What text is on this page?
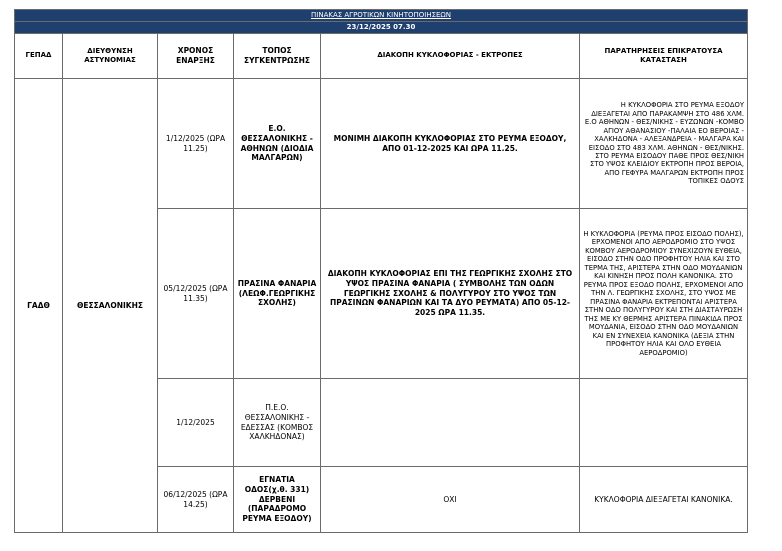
ΠΙΝΑΚΑΣ ΑΓΡΟΤΙΚΩΝ ΚΙΝΗΤΟΠΟΙΗΣΕΩΝ					
23/12/2025 07.30					
ΓΕΠΑΔ	ΔΙΕΥΘΥΝΣΗ ΑΣΤΥΝΟΜΙΑΣ	ΧΡΟΝΟΣ ΕΝΑΡΞΗΣ	ΤΟΠΟΣ ΣΥΓΚΕΝΤΡΩΣΗΣ	ΔΙΑΚΟΠΗ ΚΥΚΛΟΦΟΡΙΑΣ - ΕΚΤΡΟΠΕΣ	ΠΑΡΑΤΗΡΗΣΕΙΣ ΕΠΙΚΡΑΤΟΥΣΑ ΚΑΤΑΣΤΑΣΗ
ΓΑΔΘ	ΘΕΣΣΑΛΟΝΙΚΗΣ	1/12/2025 (ΩΡΑ 11.25)	Ε.Ο. ΘΕΣΣΑΛΟΝΙΚΗΣ - ΑΘΗΝΩΝ (ΔΙΟΔΙΑ ΜΑΛΓΑΡΩΝ)	ΜΟΝΙΜΗ ΔΙΑΚΟΠΗ ΚΥΚΛΟΦΟΡΙΑΣ ΣΤΟ ΡΕΥΜΑ ΕΞΟΔΟΥ, ΑΠΟ 01-12-2025 ΚΑΙ ΩΡΑ 11.25.	Η ΚΥΚΛΟΦΟΡΙΑ ΣΤΟ ΡΕΥΜΑ ΕΞΟΔΟΥ ΔΙΕΞΑΓΕΤΑΙ ΑΠΟ ΠΑΡΑΚΑΜΨΗ ΣΤΟ 486 ΧΛΜ. Ε.Ο ΑΘΗΝΩΝ - ΘΕΣ/ΝΙΚΗΣ - ΕΥΖΩΝΩΝ -ΚΟΜΒΟ ΑΓΙΟΥ ΑΘΑΝΑΣΙΟΥ -ΠΑΛΑΙΑ ΕΟ ΒΕΡΟΙΑΣ - ΧΑΛΚΗΔΟΝΑ - ΑΛΕΞΑΝΔΡΕΙΑ - ΜΑΛΓΑΡΑ ΚΑΙ ΕΙΣΟΔΟ ΣΤΟ 483 ΧΛΜ. ΑΘΗΝΩΝ - ΘΕΣ/ΝΙΚΗΣ. ΣΤΟ ΡΕΥΜΑ ΕΙΣΟΔΟΥ ΠΑΘΕ ΠΡΟΣ ΘΕΣ/ΝΙΚΗ ΣΤΟ ΥΨΟΣ ΚΛΕΙΔΙΟΥ ΕΚΤΡΟΠΗ ΠΡΟΣ ΒΕΡΟΙΑ, ΑΠΟ ΓΕΦΥΡΑ ΜΑΛΓΑΡΩΝ ΕΚΤΡΟΠΗ ΠΡΟΣ ΤΟΠΙΚΕΣ ΟΔΟΥΣ
		05/12/2025 (ΩΡΑ 11.35)	ΠΡΑΣΙΝΑ ΦΑΝΑΡΙΑ (ΛΕΩΦ.ΓΕΩΡΓΙΚΗΣ ΣΧΟΛΗΣ)	ΔΙΑΚΟΠΗ ΚΥΚΛΟΦΟΡΙΑΣ ΕΠΙ ΤΗΣ ΓΕΩΡΓΙΚΗΣ ΣΧΟΛΗΣ ΣΤΟ ΥΨΟΣ ΠΡΑΣΙΝΑ ΦΑΝΑΡΙΑ ( ΣΥΜΒΟΛΗΣ ΤΩΝ ΟΔΩΝ ΓΕΩΡΓΙΚΗΣ ΣΧΟΛΗΣ & ΠΟΛΥΓΥΡΟΥ ΣΤΟ ΥΨΟΣ ΤΩΝ ΠΡΑΣΙΝΩΝ ΦΑΝΑΡΙΩΝ ΚΑΙ ΤΑ ΔΥΟ ΡΕΥΜΑΤΑ) ΑΠΟ 05-12-2025 ΩΡΑ 11.35.	Η ΚΥΚΛΟΦΟΡΙΑ (ΡΕΥΜΑ ΠΡΟΣ ΕΙΣΟΔΟ ΠΟΛΗΣ), ΕΡΧΟΜΕΝΟΙ ΑΠΟ ΑΕΡΟΔΡΟΜΙΟ ΣΤΟ ΥΨΟΣ ΚΟΜΒΟΥ ΑΕΡΟΔΡΟΜΙΟΥ ΣΥΝΕΧΙΖΟΥΝ ΕΥΘΕΙΑ, ΕΙΣΟΔΟ ΣΤΗΝ ΟΔΟ ΠΡΟΦΗΤΟΥ ΗΛΙΑ ΚΑΙ ΣΤΟ ΤΕΡΜΑ ΤΗΣ, ΑΡΙΣΤΕΡΑ ΣΤΗΝ ΟΔΟ ΜΟΥΔΑΝΙΩΝ ΚΑΙ ΚΙΝΗΣΗ ΠΡΟΣ ΠΟΛΗ ΚΑΝΟΝΙΚΑ. ΣΤΟ ΡΕΥΜΑ ΠΡΟΣ ΕΞΟΔΟ ΠΟΛΗΣ, ΕΡΧΟΜΕΝΟΙ ΑΠΟ ΤΗΝ Λ. ΓΕΩΡΓΙΚΗΣ ΣΧΟΛΗΣ, ΣΤΟ ΥΨΟΣ ΜΕ ΠΡΑΣΙΝΑ ΦΑΝΑΡΙΑ ΕΚΤΡΕΠΟΝΤΑΙ ΑΡΙΣΤΕΡΑ ΣΤΗΝ ΟΔΟ ΠΟΛΥΓΥΡΟΥ ΚΑΙ ΣΤΗ ΔΙΑΣΤΑΥΡΩΣΗ ΤΗΣ ΜΕ ΚΥ ΘΕΡΜΗΣ ΑΡΙΣΤΕΡΑ ΠΙΝΑΚΙΔΑ ΠΡΟΣ ΜΟΥΔΑΝΙΑ, ΕΙΣΟΔΟ ΣΤΗΝ ΟΔΟ ΜΟΥΔΑΝΙΩΝ ΚΑΙ ΕΝ ΣΥΝΕΧΕΙΑ ΚΑΝΟΝΙΚΑ (ΔΕΞΙΑ ΣΤΗΝ ΠΡΟΦΗΤΟΥ ΗΛΙΑ ΚΑΙ ΟΛΟ ΕΥΘΕΙΑ ΑΕΡΟΔΡΟΜΙΟ)
		1/12/2025	Π.Ε.Ο. ΘΕΣΣΑΛΟΝΙΚΗΣ - ΕΔΕΣΣΑΣ (ΚΟΜΒΟΣ ΧΑΛΚΗΔΟΝΑΣ)		
		06/12/2025 (ΩΡΑ 14.25)	ΕΓΝΑΤΙΑ ΟΔΟΣ(χ.θ. 331) ΔΕΡΒΕΝΙ (ΠΑΡΑΔΡΟΜΟ ΡΕΥΜΑ ΕΞΟΔΟΥ)	ΟΧΙ	ΚΥΚΛΟΦΟΡΙΑ ΔΙΕΞΑΓΕΤΑΙ ΚΑΝΟΝΙΚΑ.
